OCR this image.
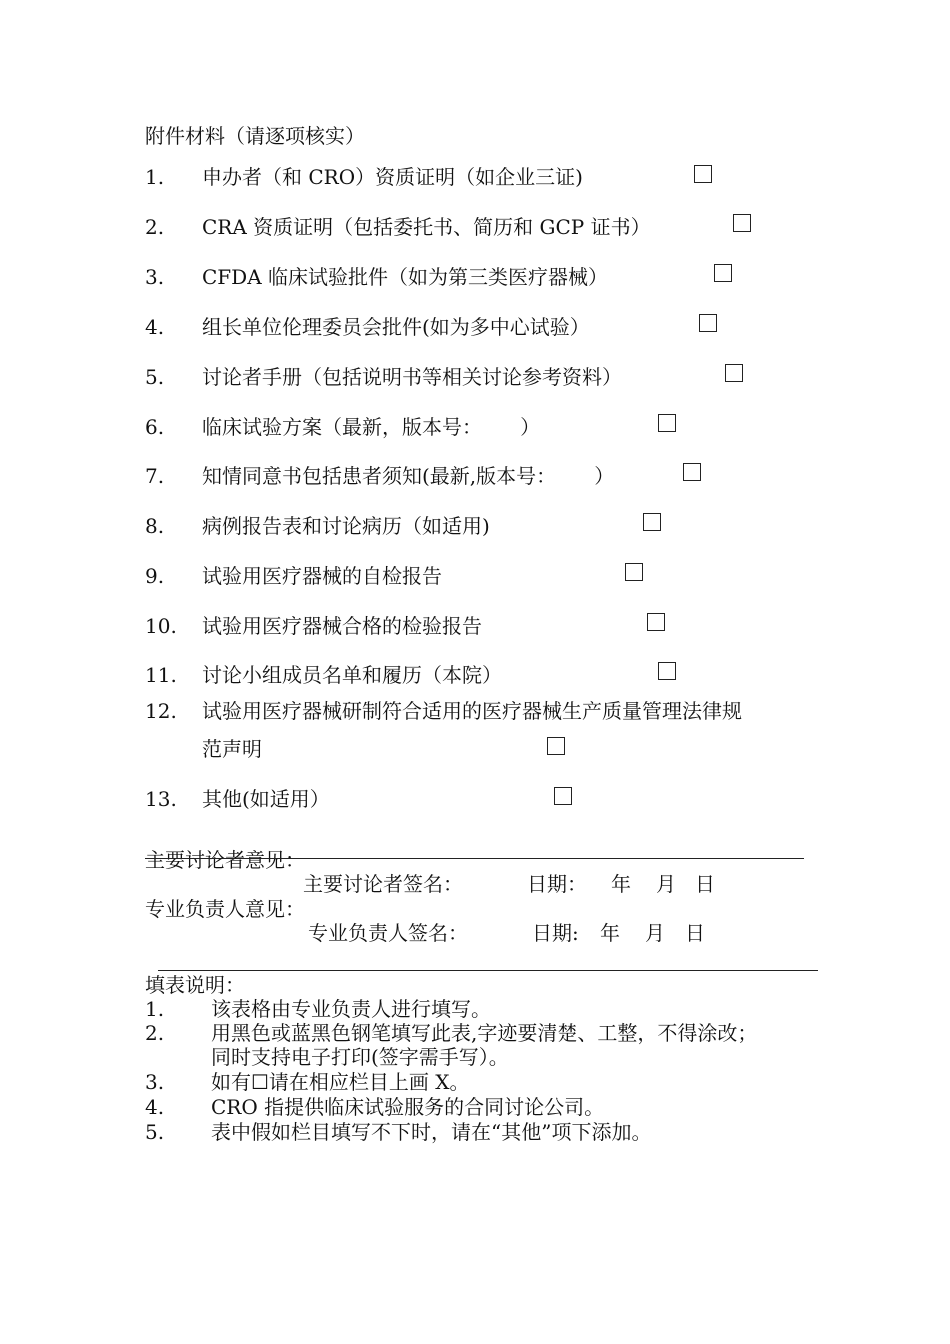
附件材料（请逐项核实）
1. 申办者（和 CRO）资质证明（如企业三证)
2. CRA 资质证明（包括委托书、简历和 GCP 证书）
3. CFDA 临床试验批件（如为第三类医疗器械）
4. 组长单位伦理委员会批件(如为多中心试验）
5. 讨论者手册（包括说明书等相关讨论参考资料）
6. 临床试验方案（最新，版本号：      ）
7. 知情同意书包括患者须知(最新,版本号：      ）
8. 病例报告表和讨论病历（如适用)
9. 试验用医疗器械的自检报告
10. 试验用医疗器械合格的检验报告
11. 讨论小组成员名单和履历（本院）
12. 试验用医疗器械研制符合适用的医疗器械生产质量管理法律规
范声明
13. 其他(如适用）
主要讨论者意见：
主要讨论者签名：	日期： 年 月 日
专业负责人意见：
专业负责人签名：	日期: 年 月 日
填表说明：
1. 该表格由专业负责人进行填写。
2. 用黑色或蓝黑色钢笔填写此表,字迹要清楚、工整，不得涂改；
同时支持电子打印(签字需手写）。
3. 如有☐请在相应栏目上画 X。
4. CRO 指提供临床试验服务的合同讨论公司。
5. 表中假如栏目填写不下时，请在“其他”项下添加。
